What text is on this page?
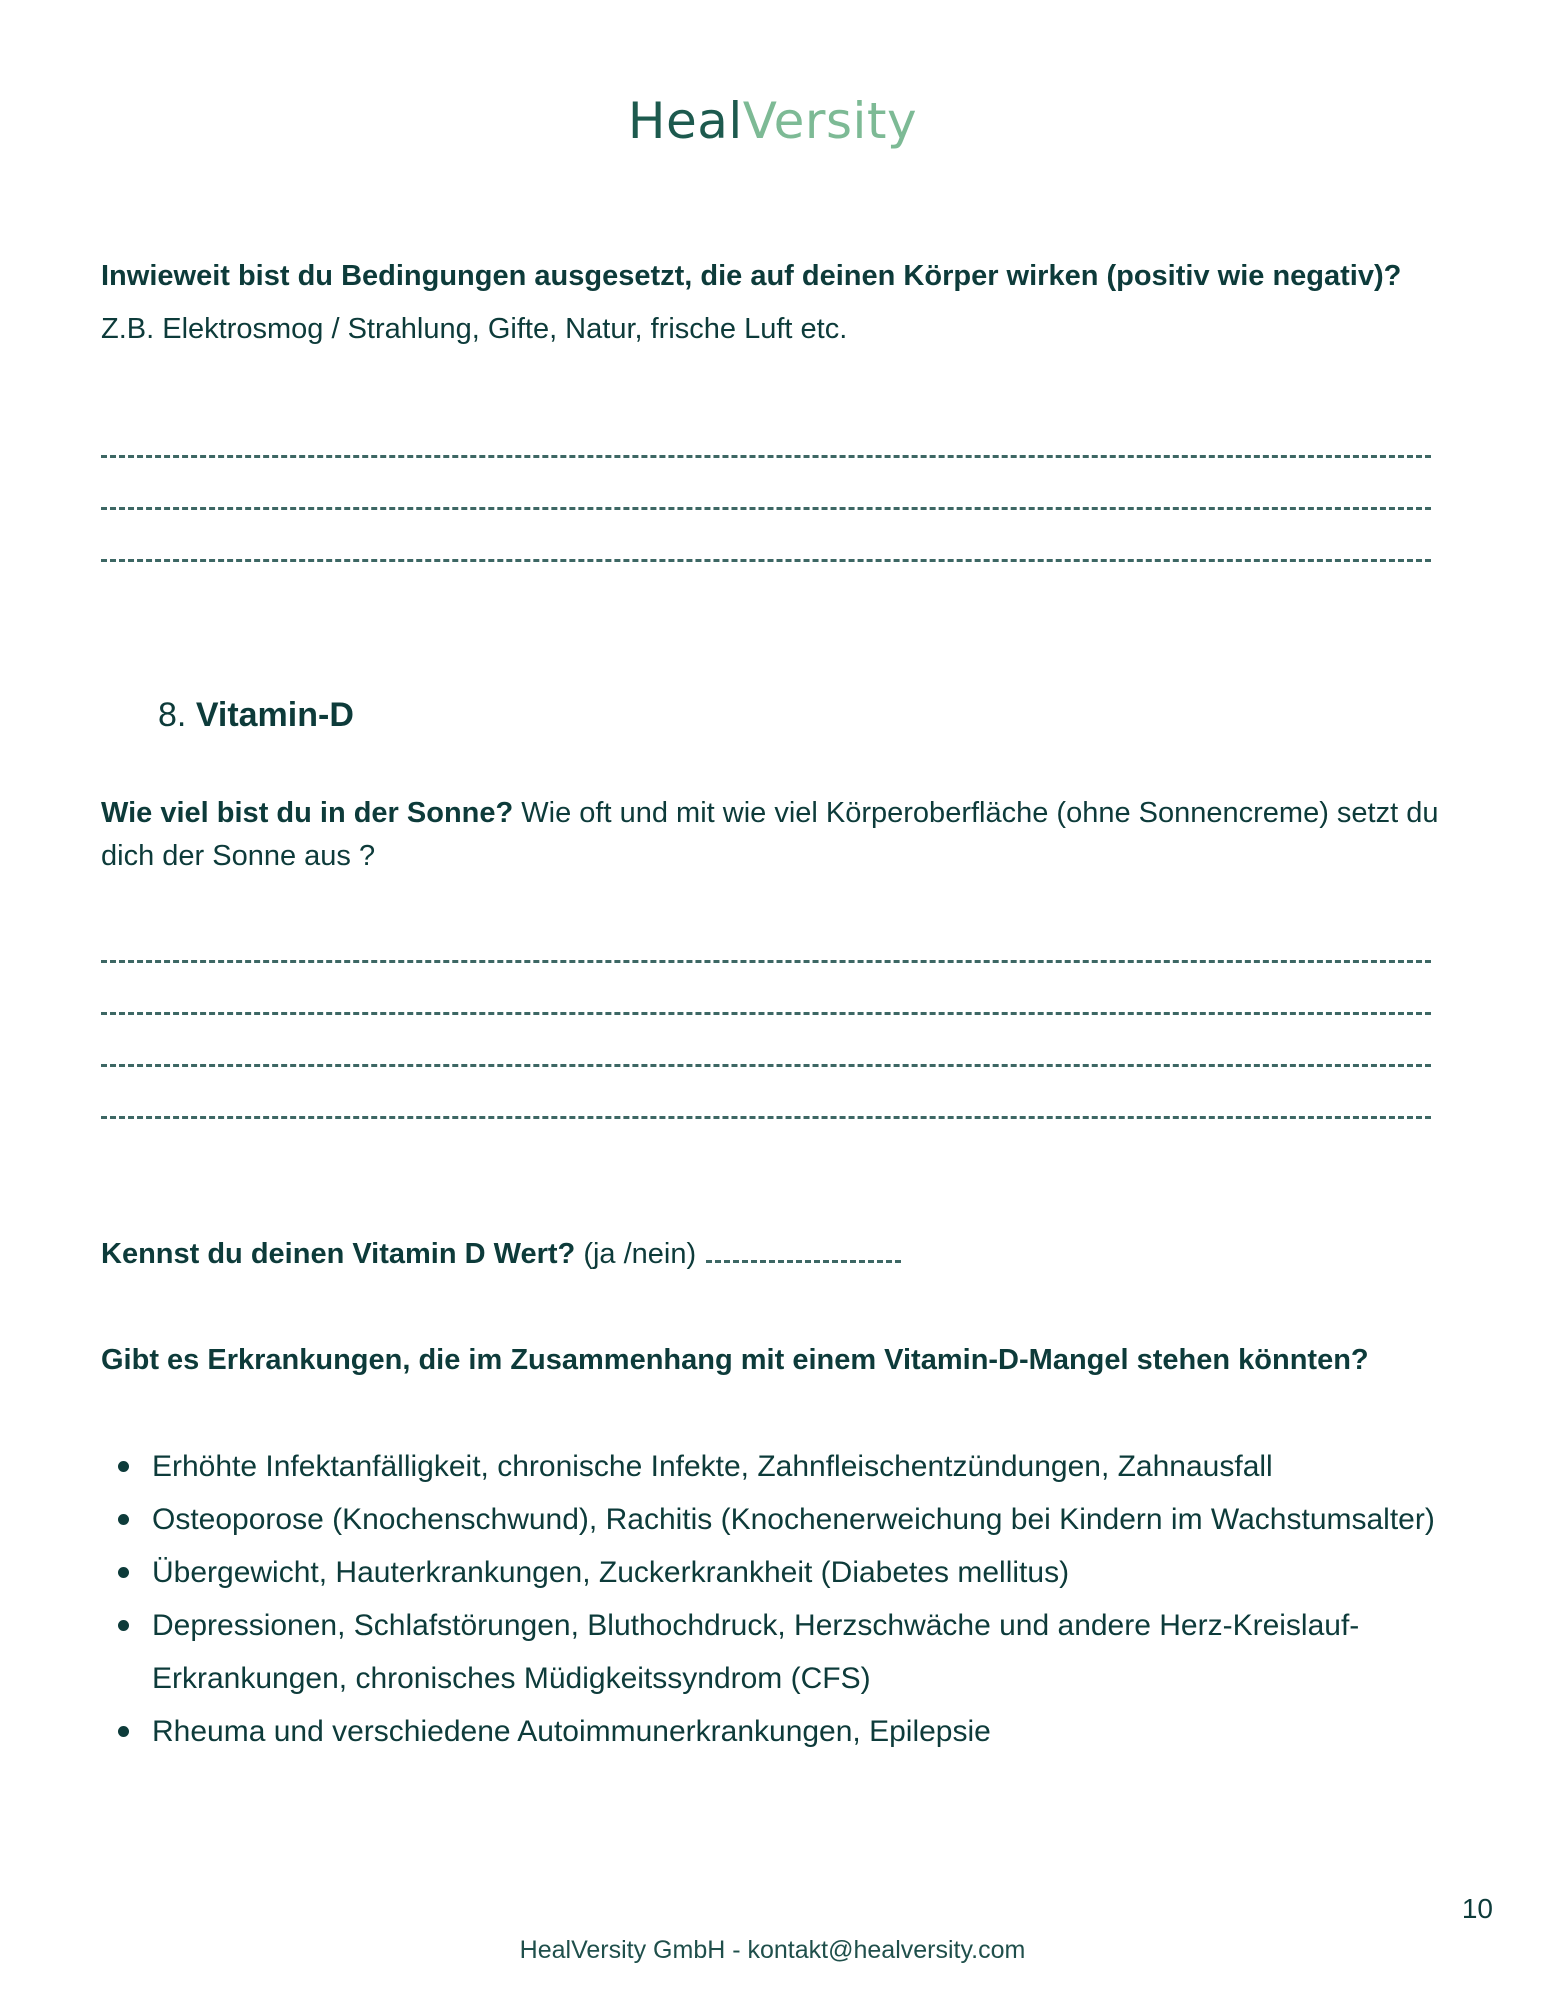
HealVersity
Inwieweit bist du Bedingungen ausgesetzt, die auf deinen Körper wirken (positiv wie negativ)? Z.B. Elektrosmog / Strahlung, Gifte, Natur, frische Luft etc.
8. Vitamin-D
Wie viel bist du in der Sonne? Wie oft und mit wie viel Körperoberfläche (ohne Sonnencreme) setzt du dich der Sonne aus ?
Kennst du deinen Vitamin D Wert? (ja /nein)
Gibt es Erkrankungen, die im Zusammenhang mit einem Vitamin-D-Mangel stehen könnten?
Erhöhte Infektanfälligkeit, chronische Infekte, Zahnfleischentzündungen, Zahnausfall
Osteoporose (Knochenschwund), Rachitis (Knochenerweichung bei Kindern im Wachstumsalter)
Übergewicht, Hauterkrankungen, Zuckerkrankheit (Diabetes mellitus)
Depressionen, Schlafstörungen, Bluthochdruck, Herzschwäche und andere Herz-Kreislauf-Erkrankungen, chronisches Müdigkeitssyndrom (CFS)
Rheuma und verschiedene Autoimmunerkrankungen, Epilepsie
10
HealVersity GmbH - kontakt@healversity.com
